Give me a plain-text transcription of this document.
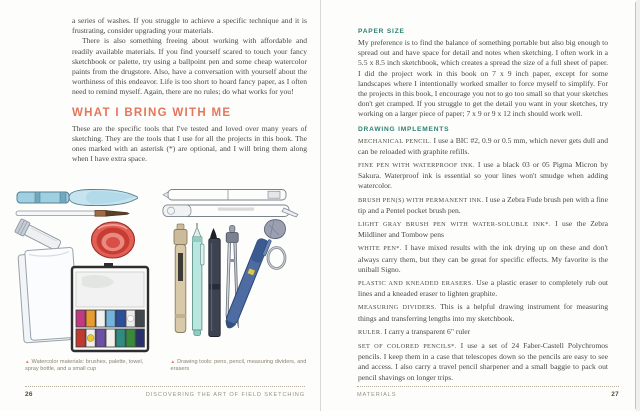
a series of washes. If you struggle to achieve a specific technique and it is frustrating, consider upgrading your materials.

There is also something freeing about working with affordable and readily available materials. If you find yourself scared to touch your fancy sketchbook or palette, try using a ballpoint pen and some cheap watercolor paints from the drugstore. Also, have a conversation with yourself about the worthiness of this endeavor. Life is too short to hoard fancy paper, as I often need to remind myself. Again, there are no rules; do what works for you!

WHAT I BRING WITH ME

These are the specific tools that I've tested and loved over many years of sketching. They are the tools that I use for all the projects in this book. The ones marked with an asterisk (*) are optional, and I will bring them along when I have extra space.

▲ Watercolor materials: brushes, palette, towel, spray bottle, and a small cup
▲ Drawing tools: pens, pencil, measuring dividers, and erasers
26	DISCOVERING THE ART OF FIELD SKETCHING
PAPER SIZE

My preference is to find the balance of something portable but also big enough to spread out and have space for detail and notes when sketching. I often work in a 5.5 x 8.5 inch sketchbook, which creates a spread the size of a full sheet of paper. I did the project work in this book on 7 x 9 inch paper, except for some landscapes where I intentionally worked smaller to force myself to simplify. For the projects in this book, I encourage you not to go too small so that your sketches don't get cramped. If you struggle to get the detail you want in your sketches, try working on a larger piece of paper; 7 x 9 or 9 x 12 inch should work well.

DRAWING IMPLEMENTS

MECHANICAL PENCIL. I use a BIC #2, 0.9 or 0.5 mm, which never gets dull and can be reloaded with graphite refills.

FINE PEN WITH WATERPROOF INK. I use a black 03 or 05 Pigma Micron by Sakura. Waterproof ink is essential so your lines won't smudge when adding watercolor.

BRUSH PEN(S) WITH PERMANENT INK. I use a Zebra Fude brush pen with a fine tip and a Pentel pocket brush pen.

LIGHT GRAY BRUSH PEN WITH WATER-SOLUBLE INK*. I use the Zebra Mildliner and Tombow pens

WHITE PEN*. I have mixed results with the ink drying up on these and don't always carry them, but they can be great for specific effects. My favorite is the uniball Signo.

PLASTIC AND KNEADED ERASERS. Use a plastic eraser to completely rub out lines and a kneaded eraser to lighten graphite.

MEASURING DIVIDERS. This is a helpful drawing instrument for measuring things and transferring lengths into my sketchbook.

RULER. I carry a transparent 6" ruler

SET OF COLORED PENCILS*. I use a set of 24 Faber-Castell Polychromos pencils. I keep them in a case that telescopes down so the pencils are easy to see and access. I also carry a travel pencil sharpener and a small baggie to pack out pencil shavings on longer trips.

MATERIALS	27
